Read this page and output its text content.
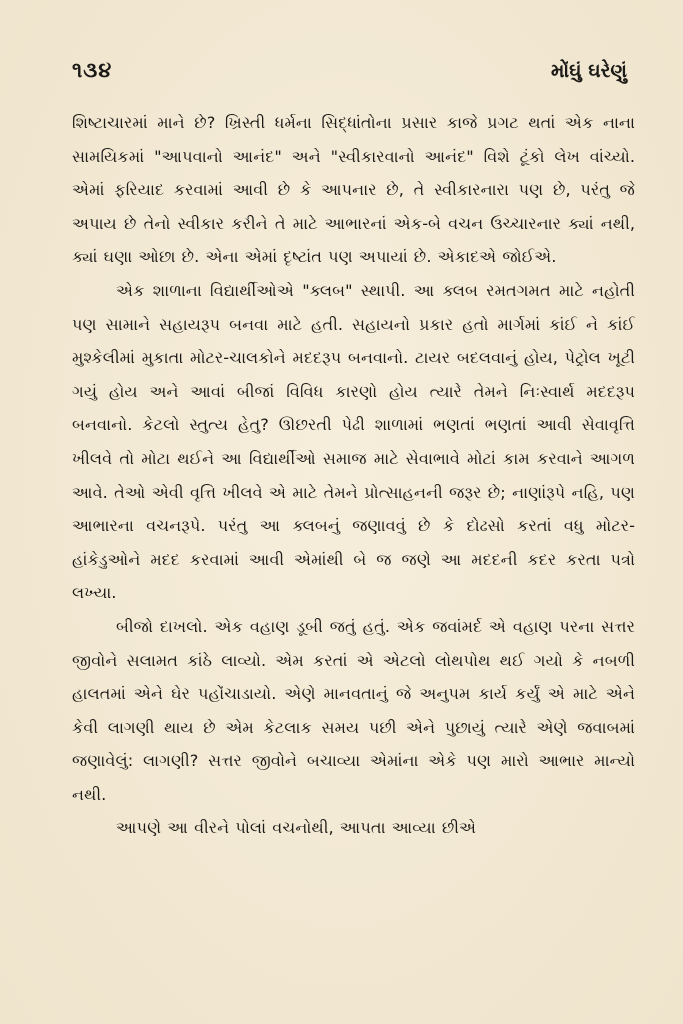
૧૩૪	મોંઘું ઘરેણું

શિષ્ટાચારમાં માને છે? ખ્રિસ્તી ધર્મના સિદ્ધાંતોના પ્રસાર કાજે પ્રગટ થતાં એક નાના સામયિકમાં "આપવાનો આનંદ" અને "સ્વીકારવાનો આનંદ" વિશે ટૂંકો લેખ વાંચ્યો. એમાં ફરિયાદ કરવામાં આવી છે કે આપનાર છે, તે સ્વીકારનારા પણ છે, પરંતુ જે અપાય છે તેનો સ્વીકાર કરીને તે માટે આભારનાં એક-બે વચન ઉચ્ચારનાર ક્યાં નથી, ક્યાં ઘણા ઓછા છે. એના એમાં દૃષ્ટાંત પણ અપાયાં છે. એકાદએ જોઈએ.

એક શાળાના વિદ્યાર્થીઓએ "ક્લબ" સ્થાપી. આ ક્લબ રમતગમત માટે નહોતી પણ સામાને સહાયરૂપ બનવા માટે હતી. સહાયનો પ્રકાર હતો માર્ગમાં કાંઈ ને કાંઈ મુશ્કેલીમાં મુકાતા મોટર-ચાલકોને મદદરૂપ બનવાનો. ટાયર બદલવાનું હોય, પેટ્રોલ ખૂટી ગયું હોય અને આવાં બીજાં વિવિધ કારણો હોય ત્યારે તેમને નિઃસ્વાર્થ મદદરૂપ બનવાનો. કેટલો સ્તુત્ય હેતુ? ઊછરતી પેઢી શાળામાં ભણતાં ભણતાં આવી સેવાવૃત્તિ ખીલવે તો મોટા થઈને આ વિદ્યાર્થીઓ સમાજ માટે સેવાભાવે મોટાં કામ કરવાને આગળ આવે. તેઓ એવી વૃત્તિ ખીલવે એ માટે તેમને પ્રોત્સાહનની જરૂર છે; નાણાંરૂપે નહિ, પણ આભારના વચનરૂપે. પરંતુ આ ક્લબનું જણાવવું છે કે દોઢસો કરતાં વધુ મોટર-હાંકેડુઓને મદદ કરવામાં આવી એમાંથી બે જ જણે આ મદદની કદર કરતા પત્રો લખ્યા.

બીજો દાખલો. એક વહાણ ડૂબી જતું હતું. એક જવાંમર્દ એ વહાણ પરના સત્તર જીવોને સલામત કાંઠે લાવ્યો. એમ કરતાં એ એટલો લોથપોથ થઈ ગયો કે નબળી હાલતમાં એને ઘેર પહોંચાડાયો. એણે માનવતાનું જે અનુપમ કાર્ય કર્યું એ માટે એને કેવી લાગણી થાય છે એમ કેટલાક સમય પછી એને પુછાયું ત્યારે એણે જવાબમાં જણાવેલું: લાગણી? સત્તર જીવોને બચાવ્યા એમાંના એકે પણ મારો આભાર માન્યો નથી.

આપણે આ વીરને પોલાં વચનોથી, આપતા આવ્યા છીએ
